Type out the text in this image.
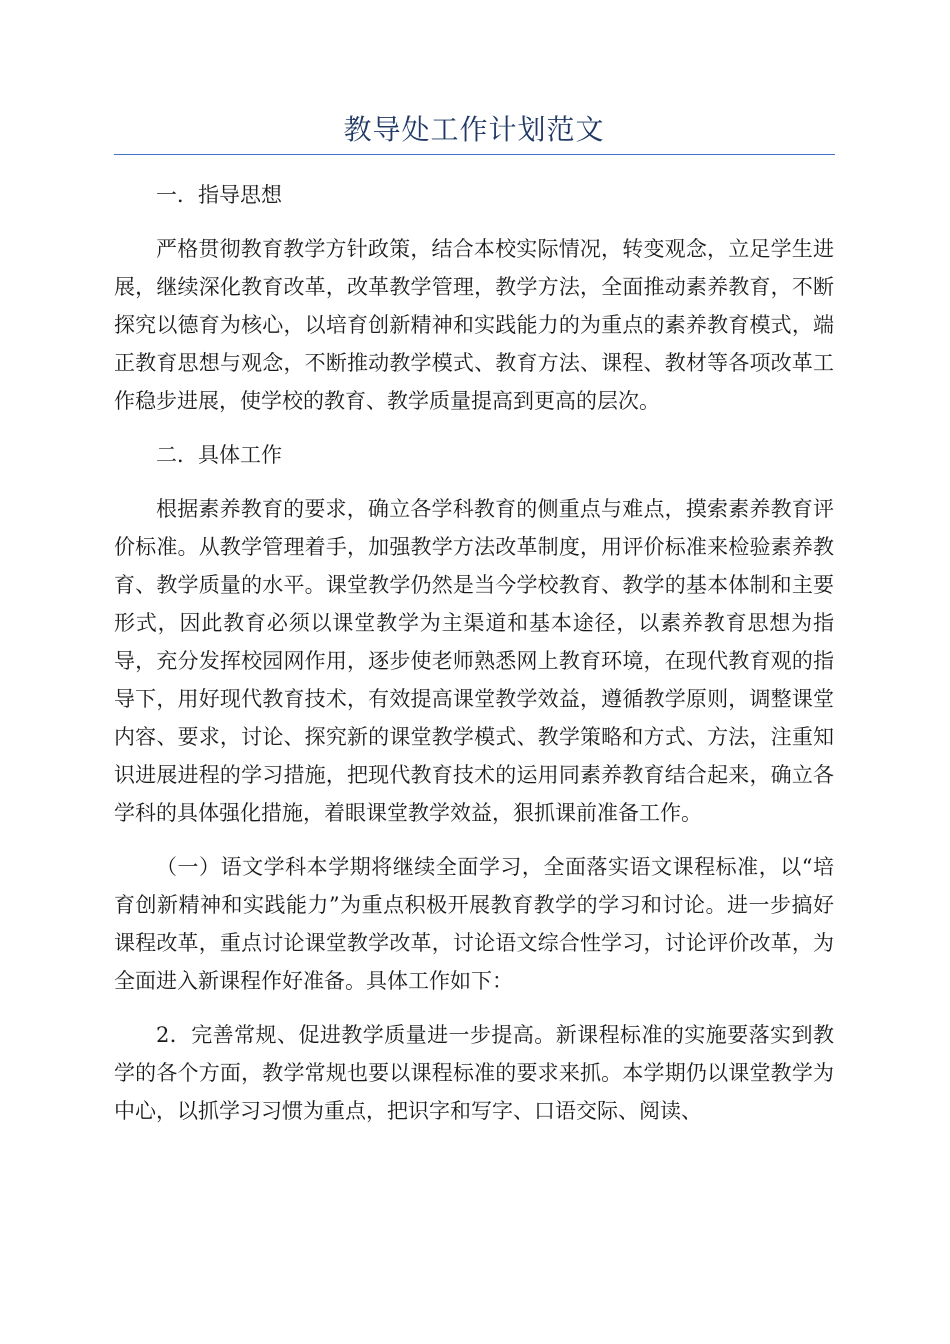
教导处工作计划范文

一．指导思想

严格贯彻教育教学方针政策，结合本校实际情况，转变观念，立足学生进展，继续深化教育改革，改革教学管理，教学方法，全面推动素养教育，不断探究以德育为核心，以培育创新精神和实践能力的为重点的素养教育模式，端正教育思想与观念，不断推动教学模式、教育方法、课程、教材等各项改革工作稳步进展，使学校的教育、教学质量提高到更高的层次。

二．具体工作

根据素养教育的要求，确立各学科教育的侧重点与难点，摸索素养教育评价标准。从教学管理着手，加强教学方法改革制度，用评价标准来检验素养教育、教学质量的水平。课堂教学仍然是当今学校教育、教学的基本体制和主要形式，因此教育必须以课堂教学为主渠道和基本途径，以素养教育思想为指导，充分发挥校园网作用，逐步使老师熟悉网上教育环境，在现代教育观的指导下，用好现代教育技术，有效提高课堂教学效益，遵循教学原则，调整课堂内容、要求，讨论、探究新的课堂教学模式、教学策略和方式、方法，注重知识进展进程的学习措施，把现代教育技术的运用同素养教育结合起来，确立各学科的具体强化措施，着眼课堂教学效益，狠抓课前准备工作。

（一）语文学科本学期将继续全面学习，全面落实语文课程标准，以“培育创新精神和实践能力”为重点积极开展教育教学的学习和讨论。进一步搞好课程改革，重点讨论课堂教学改革，讨论语文综合性学习，讨论评价改革，为全面进入新课程作好准备。具体工作如下：

2．完善常规、促进教学质量进一步提高。新课程标准的实施要落实到教学的各个方面，教学常规也要以课程标准的要求来抓。本学期仍以课堂教学为中心，以抓学习习惯为重点，把识字和写字、口语交际、阅读、
